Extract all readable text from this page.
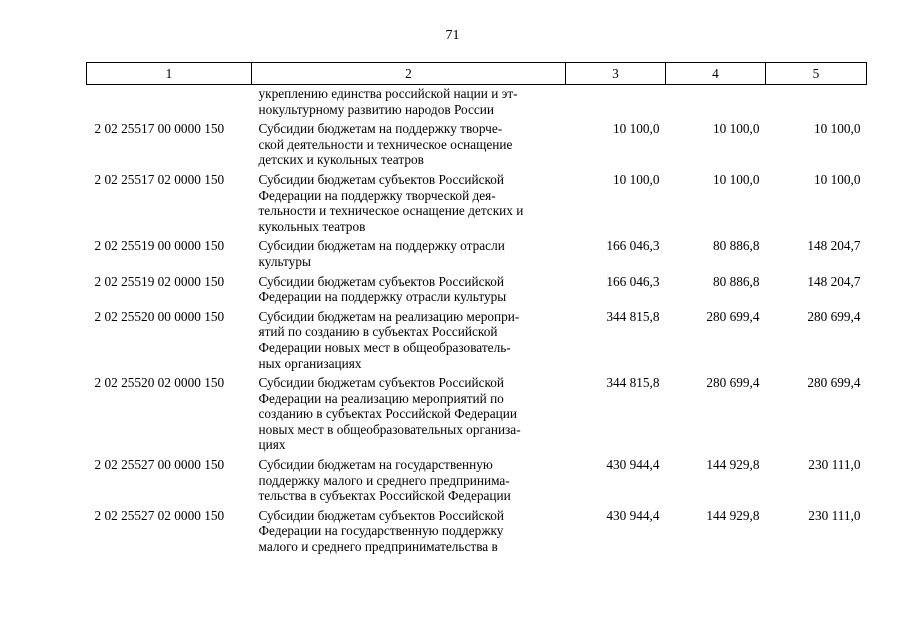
71
1	2	3	4	5

	укреплению единства российской нации и эт-
нокультурному развитию народов России			

2 02 25517 00 0000 150	Субсидии бюджетам на поддержку творче-
ской деятельности и техническое оснащение
детских и кукольных театров	10 100,0	10 100,0	10 100,0
2 02 25517 02 0000 150	Субсидии бюджетам субъектов Российской
Федерации на поддержку творческой дея-
тельности и техническое оснащение детских и
кукольных театров	10 100,0	10 100,0	10 100,0
2 02 25519 00 0000 150	Субсидии бюджетам на поддержку отрасли
культуры	166 046,3	80 886,8	148 204,7
2 02 25519 02 0000 150	Субсидии бюджетам субъектов Российской
Федерации на поддержку отрасли культуры	166 046,3	80 886,8	148 204,7
2 02 25520 00 0000 150	Субсидии бюджетам на реализацию меропри-
ятий по созданию в субъектах Российской
Федерации новых мест в общеобразователь-
ных организациях	344 815,8	280 699,4	280 699,4
2 02 25520 02 0000 150	Субсидии бюджетам субъектов Российской
Федерации на реализацию мероприятий по
созданию в субъектах Российской Федерации
новых мест в общеобразовательных организа-
циях	344 815,8	280 699,4	280 699,4
2 02 25527 00 0000 150	Субсидии бюджетам на государственную
поддержку малого и среднего предпринима-
тельства в субъектах Российской Федерации	430 944,4	144 929,8	230 111,0
2 02 25527 02 0000 150	Субсидии бюджетам субъектов Российской
Федерации на государственную поддержку
малого и среднего предпринимательства в	430 944,4	144 929,8	230 111,0
